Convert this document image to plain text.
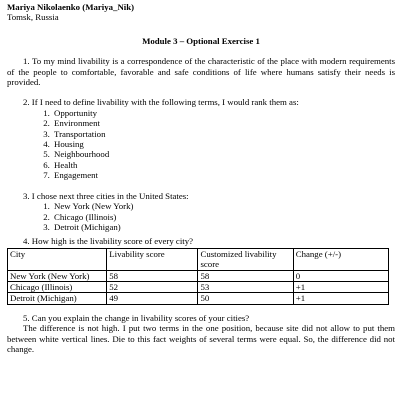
Mariya Nikolaenko (Mariya_Nik)
Tomsk, Russia
Module 3 – Optional Exercise 1
1. To my mind livability is a correspondence of the characteristic of the place with modern requirements of the people to comfortable, favorable and safe conditions of life where humans satisfy their needs is provided.
2. If I need to define livability with the following terms, I would rank them as:
1. Opportunity
2. Environment
3. Transportation
4. Housing
5. Neighbourhood
6. Health
7. Engagement
3. I chose next three cities in the United States:
1. New York (New York)
2. Chicago (Illinois)
3. Detroit (Michigan)
4. How high is the livability score of every city?
City	Livability score	Customized livability score	Change (+/-)
New York (New York)	58	58	0
Chicago (Illinois)	52	53	+1
Detroit (Michigan)	49	50	+1
5. Can you explain the change in livability scores of your cities?
The difference is not high. I put two terms in the one position, because site did not allow to put them between white vertical lines. Die to this fact weights of several terms were equal. So, the difference did not change.
